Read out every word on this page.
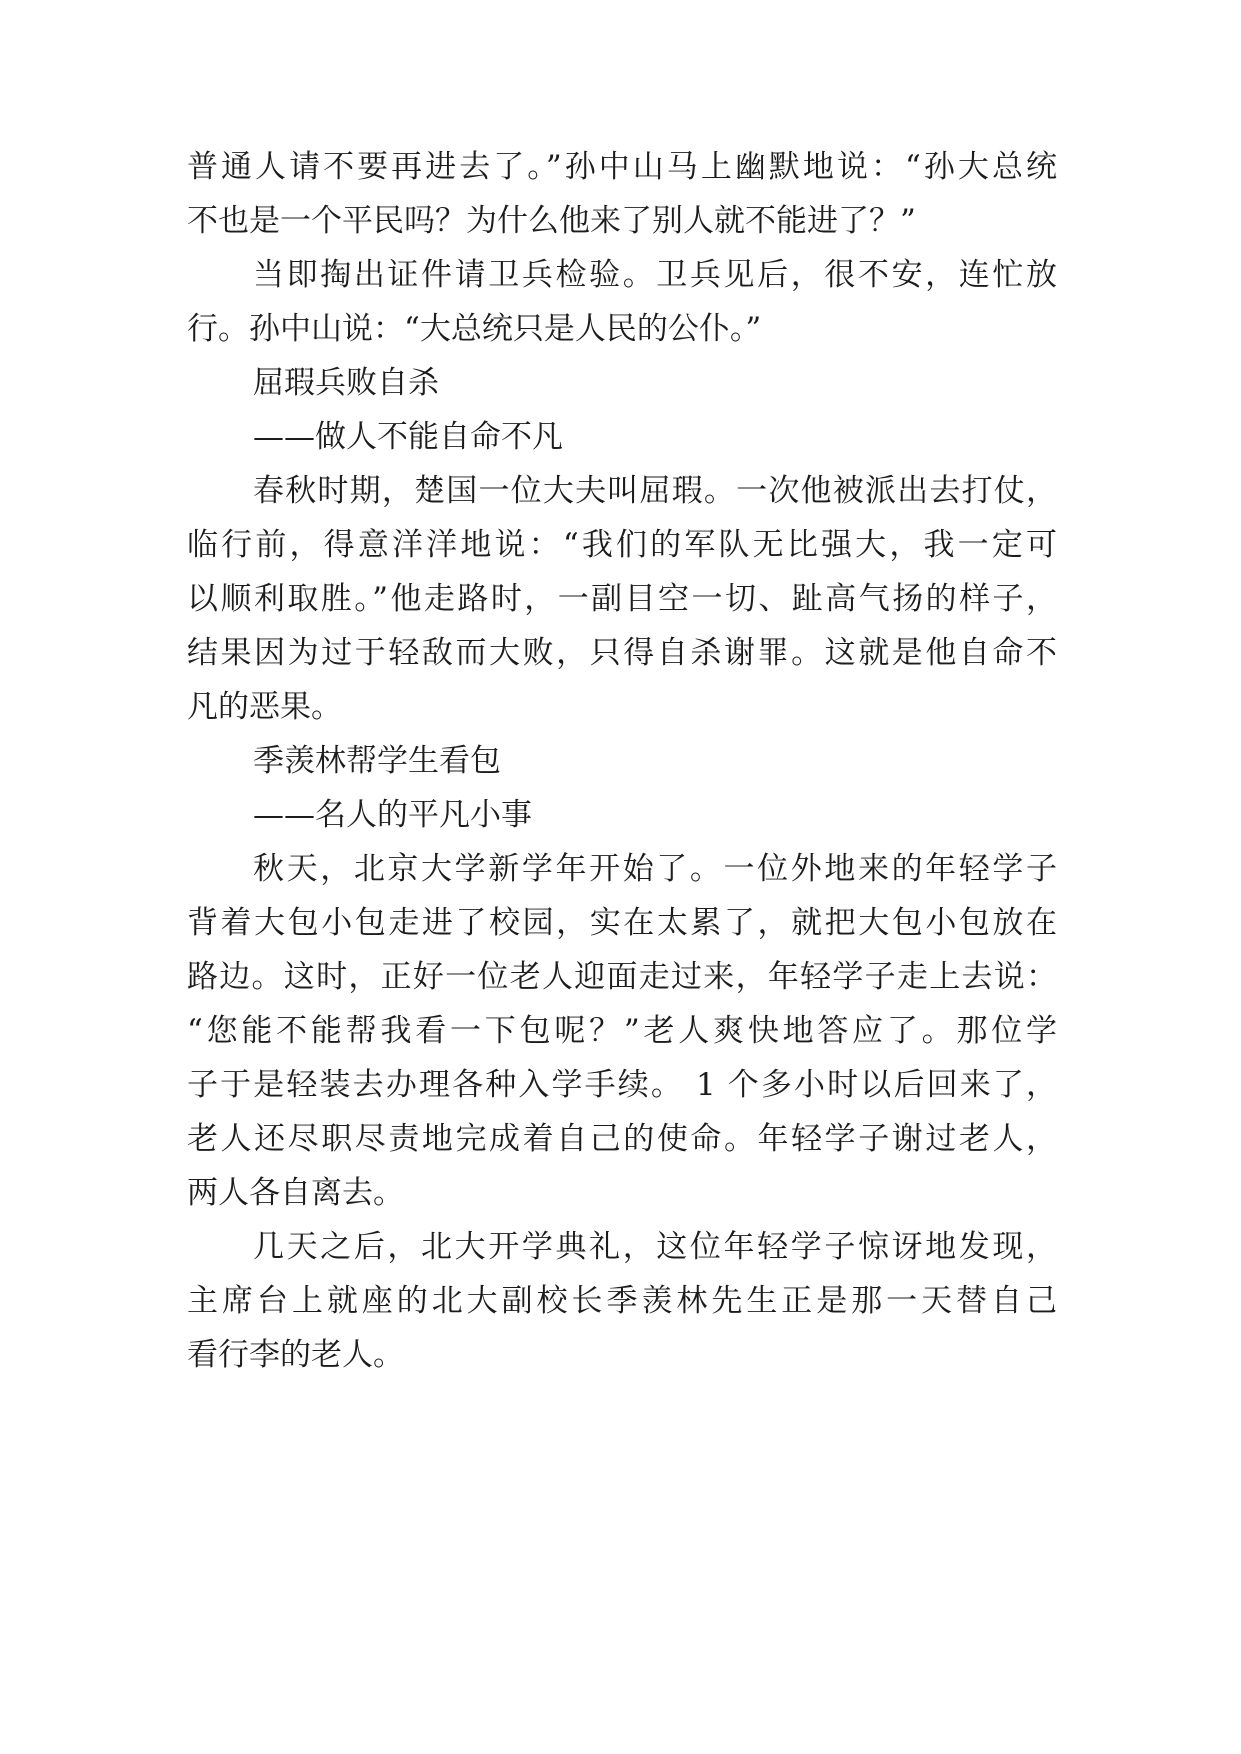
普通人请不要再进去了。”孙中山马上幽默地说：“孙大总统
不也是一个平民吗？为什么他来了别人就不能进了？”
当即掏出证件请卫兵检验。卫兵见后，很不安，连忙放
行。孙中山说：“大总统只是人民的公仆。”
屈瑕兵败自杀
——做人不能自命不凡
春秋时期，楚国一位大夫叫屈瑕。一次他被派出去打仗，
临行前，得意洋洋地说：“我们的军队无比强大，我一定可
以顺利取胜。”他走路时，一副目空一切、趾高气扬的样子，
结果因为过于轻敌而大败，只得自杀谢罪。这就是他自命不
凡的恶果。
季羡林帮学生看包
——名人的平凡小事
秋天，北京大学新学年开始了。一位外地来的年轻学子
背着大包小包走进了校园，实在太累了，就把大包小包放在
路边。这时，正好一位老人迎面走过来，年轻学子走上去说：
“您能不能帮我看一下包呢？”老人爽快地答应了。那位学
子于是轻装去办理各种入学手续。 1 个多小时以后回来了，
老人还尽职尽责地完成着自己的使命。年轻学子谢过老人，
两人各自离去。
几天之后，北大开学典礼，这位年轻学子惊讶地发现，
主席台上就座的北大副校长季羡林先生正是那一天替自己
看行李的老人。
